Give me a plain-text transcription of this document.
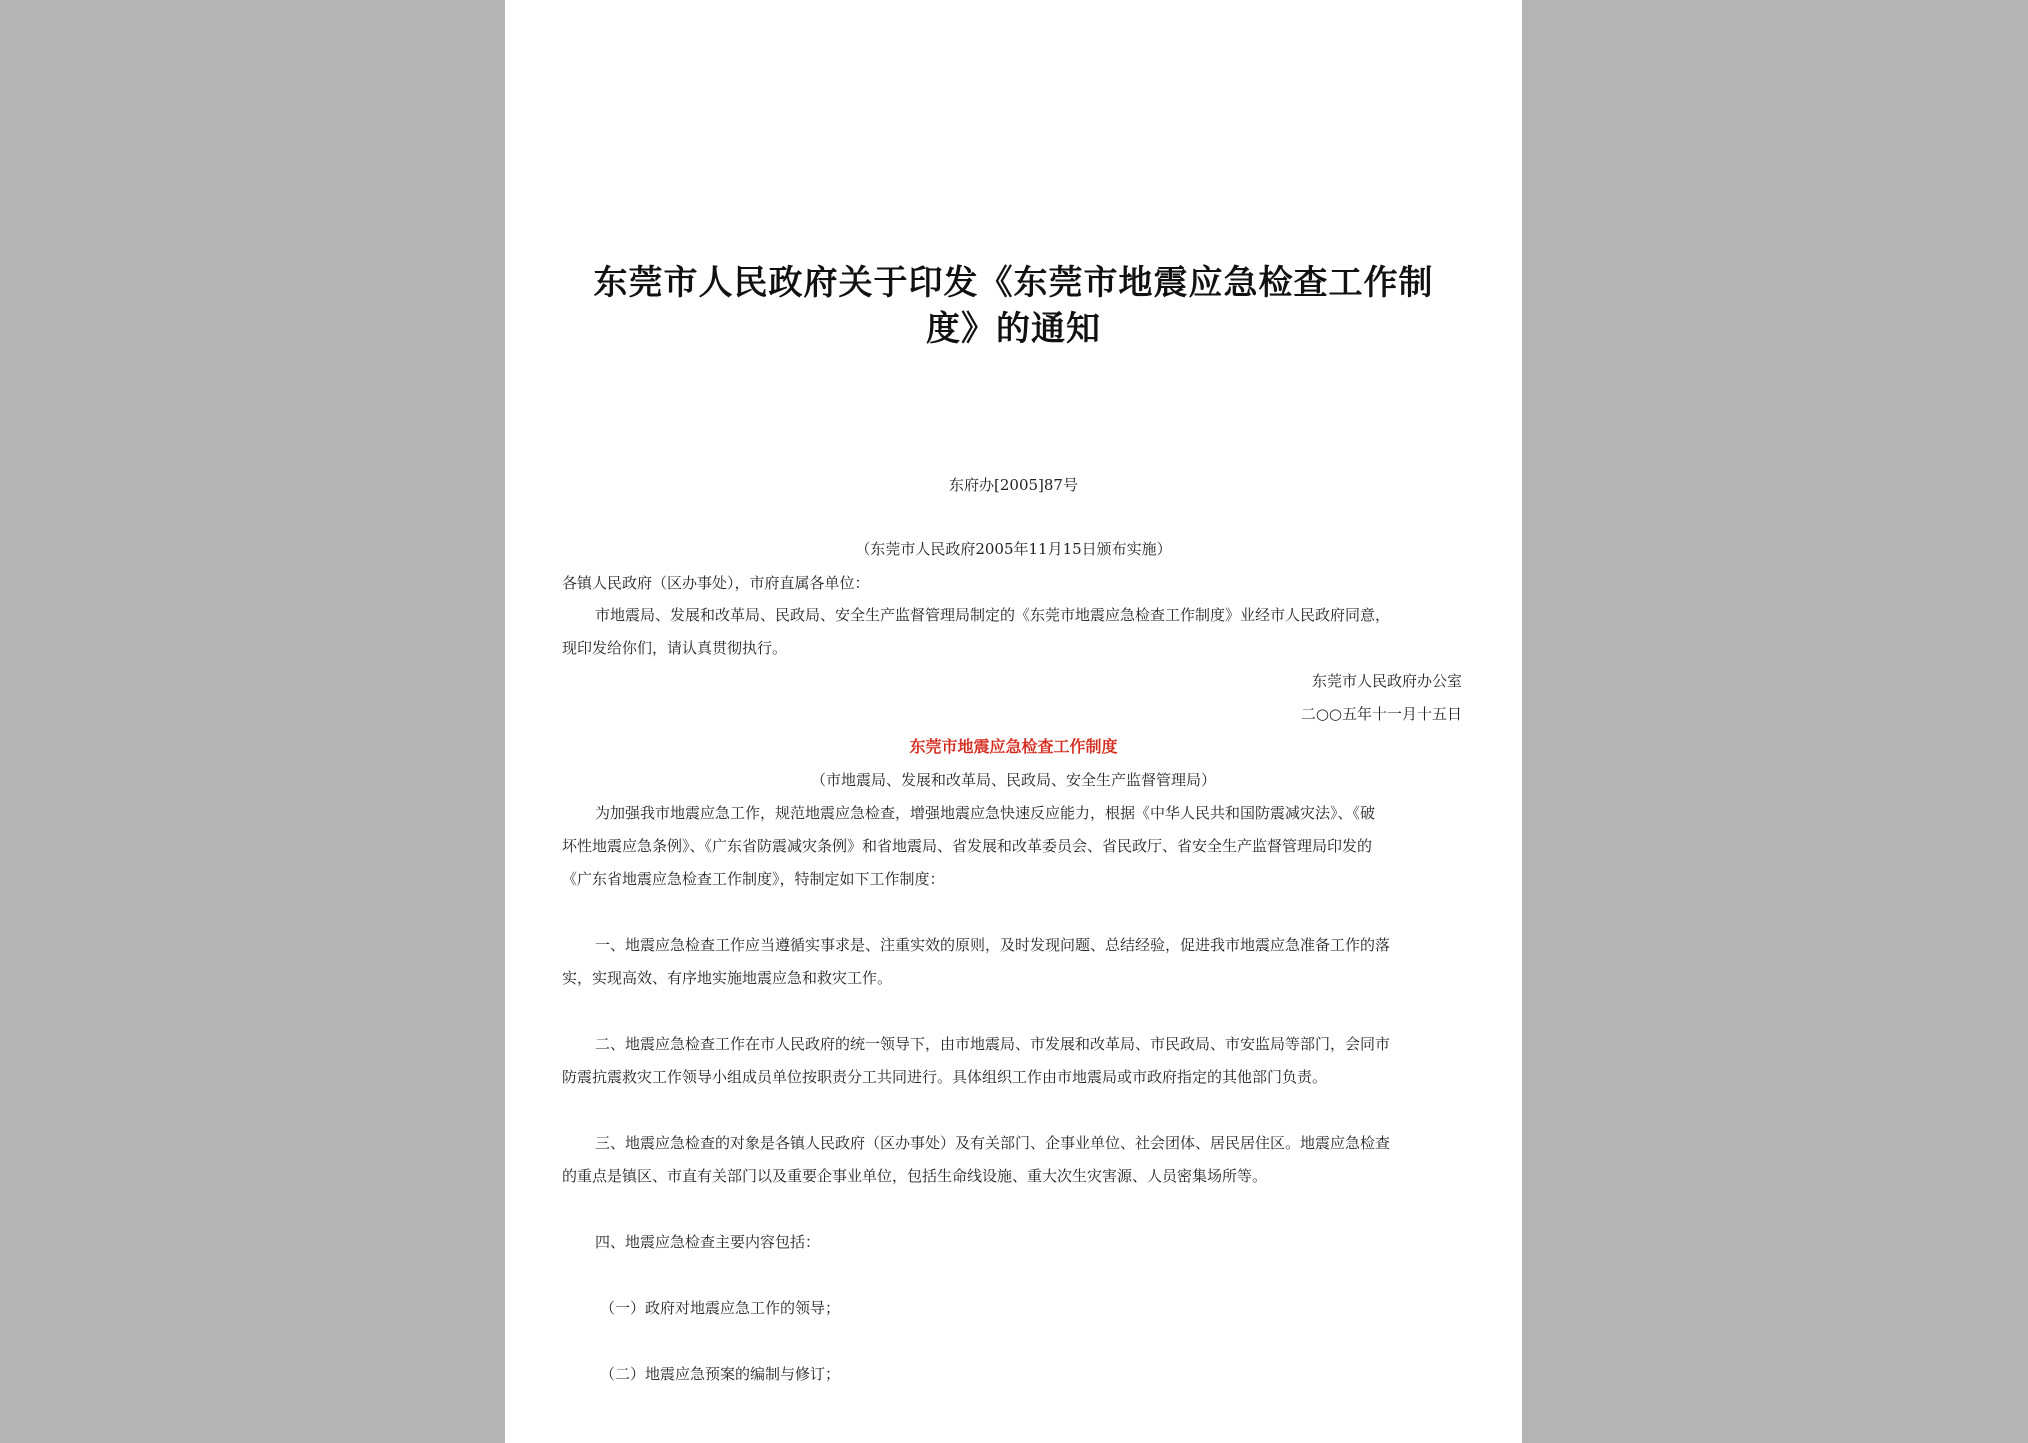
东莞市人民政府关于印发《东莞市地震应急检查工作制
度》的通知
东府办[2005]87号
（东莞市人民政府2005年11月15日颁布实施）
各镇人民政府（区办事处），市府直属各单位：
市地震局、发展和改革局、民政局、安全生产监督管理局制定的《东莞市地震应急检查工作制度》业经市人民政府同意，
现印发给你们，请认真贯彻执行。
东莞市人民政府办公室
二○○五年十一月十五日
东莞市地震应急检查工作制度
（市地震局、发展和改革局、民政局、安全生产监督管理局）
为加强我市地震应急工作，规范地震应急检查，增强地震应急快速反应能力，根据《中华人民共和国防震减灾法》、《破
坏性地震应急条例》、《广东省防震减灾条例》和省地震局、省发展和改革委员会、省民政厅、省安全生产监督管理局印发的
《广东省地震应急检查工作制度》，特制定如下工作制度：
一、地震应急检查工作应当遵循实事求是、注重实效的原则，及时发现问题、总结经验，促进我市地震应急准备工作的落
实，实现高效、有序地实施地震应急和救灾工作。
二、地震应急检查工作在市人民政府的统一领导下，由市地震局、市发展和改革局、市民政局、市安监局等部门，会同市
防震抗震救灾工作领导小组成员单位按职责分工共同进行。具体组织工作由市地震局或市政府指定的其他部门负责。
三、地震应急检查的对象是各镇人民政府（区办事处）及有关部门、企事业单位、社会团体、居民居住区。地震应急检查
的重点是镇区、市直有关部门以及重要企事业单位，包括生命线设施、重大次生灾害源、人员密集场所等。
四、地震应急检查主要内容包括：
（一）政府对地震应急工作的领导；
（二）地震应急预案的编制与修订；
